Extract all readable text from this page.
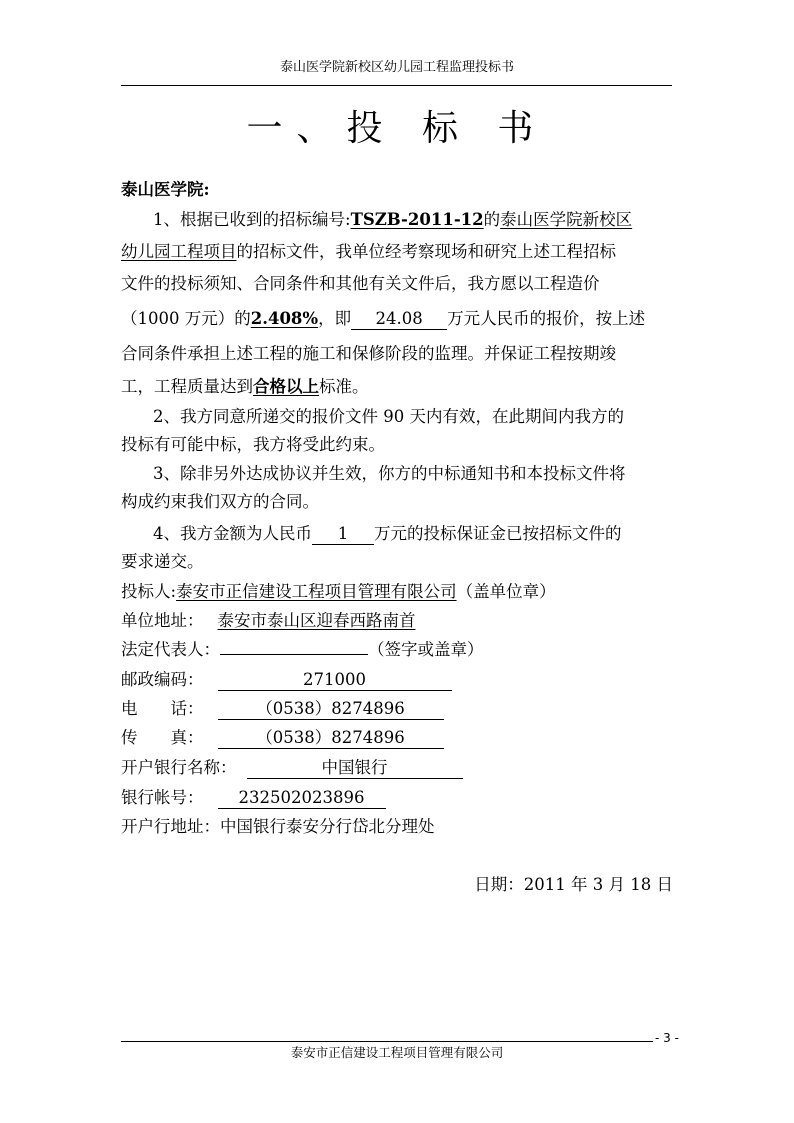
泰山医学院新校区幼儿园工程监理投标书
一、投 标 书
泰山医学院:
1、根据已收到的招标编号:TSZB-2011-12的泰山医学院新校区
幼儿园工程项目的招标文件，我单位经考察现场和研究上述工程招标
文件的投标须知、合同条件和其他有关文件后，我方愿以工程造价
（1000 万元）的2.408%，即 24.08 万元人民币的报价，按上述
合同条件承担上述工程的施工和保修阶段的监理。并保证工程按期竣
工，工程质量达到合格以上标准。
2、我方同意所递交的报价文件 90 天内有效，在此期间内我方的
投标有可能中标，我方将受此约束。
3、除非另外达成协议并生效，你方的中标通知书和本投标文件将
构成约束我们双方的合同。
4、我方金额为人民币 1 万元的投标保证金已按招标文件的
要求递交。
投标人:泰安市正信建设工程项目管理有限公司（盖单位章）
单位地址： 泰安市泰山区迎春西路南首
法定代表人：	（签字或盖章）
邮政编码：	271000
电　　话：	（0538）8274896
传　　真：	（0538）8274896
开户银行名称：	中国银行
银行帐号： 232502023896
开户行地址：中国银行泰安分行岱北分理处
日期：2011 年 3 月 18 日
- 3 -
泰安市正信建设工程项目管理有限公司
